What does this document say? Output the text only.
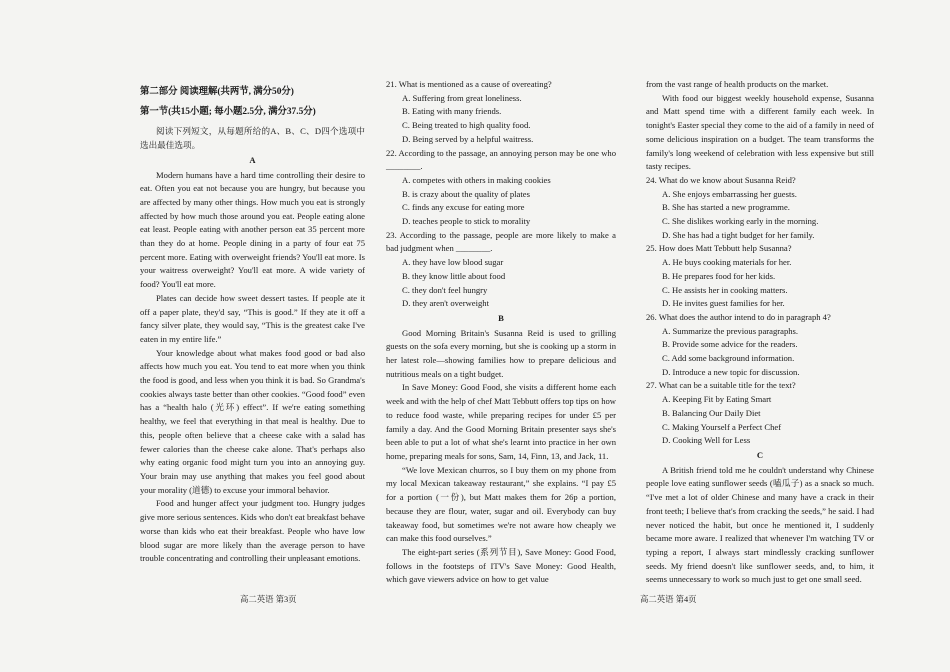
第二部分 阅读理解(共两节, 满分50分)

第一节(共15小题; 每小题2.5分, 满分37.5分)

阅读下列短文，从每题所给的A、B、C、D四个选项中选出最佳选项。

A

Modern humans have a hard time controlling their desire to eat. Often you eat not because you are hungry, but because you are affected by many other things. How much you eat is strongly affected by how much those around you eat. People eating alone eat least. People eating with another person eat 35 percent more than they do at home. People dining in a party of four eat 75 percent more. Eating with overweight friends? You'll eat more. Is your waitress overweight? You'll eat more. A wide variety of food? You'll eat more.

Plates can decide how sweet dessert tastes. If people ate it off a paper plate, they'd say, “This is good.” If they ate it off a fancy silver plate, they would say, “This is the greatest cake I've eaten in my entire life.”

Your knowledge about what makes food good or bad also affects how much you eat. You tend to eat more when you think the food is good, and less when you think it is bad. So Grandma's cookies always taste better than other cookies. “Good food” even has a “health halo (光环) effect”. If we're eating something healthy, we feel that everything in that meal is healthy. Due to this, people often believe that a cheese cake with a salad has fewer calories than the cheese cake alone. That's perhaps also why eating organic food might turn you into an annoying guy. Your brain may use anything that makes you feel good about your morality (道德) to excuse your immoral behavior.

Food and hunger affect your judgment too. Hungry judges give more serious sentences. Kids who don't eat breakfast behave worse than kids who eat their breakfast. People who have low blood sugar are more likely than the average person to have trouble concentrating and controlling their unpleasant emotions.

21. What is mentioned as a cause of overeating?

A. Suffering from great loneliness.

B. Eating with many friends.

C. Being treated to high quality food.

D. Being served by a helpful waitress.

22. According to the passage, an annoying person may be one who ________.

A. competes with others in making cookies

B. is crazy about the quality of plates

C. finds any excuse for eating more

D. teaches people to stick to morality

23. According to the passage, people are more likely to make a bad judgment when ________.

A. they have low blood sugar

B. they know little about food

C. they don't feel hungry

D. they aren't overweight

B

Good Morning Britain's Susanna Reid is used to grilling guests on the sofa every morning, but she is cooking up a storm in her latest role—showing families how to prepare delicious and nutritious meals on a tight budget.

In Save Money: Good Food, she visits a different home each week and with the help of chef Matt Tebbutt offers top tips on how to reduce food waste, while preparing recipes for under £5 per family a day. And the Good Morning Britain presenter says she's been able to put a lot of what she's learnt into practice in her own home, preparing meals for sons, Sam, 14, Finn, 13, and Jack, 11.

“We love Mexican churros, so I buy them on my phone from my local Mexican takeaway restaurant,” she explains. “I pay £5 for a portion (一份), but Matt makes them for 26p a portion, because they are flour, water, sugar and oil. Everybody can buy takeaway food, but sometimes we're not aware how cheaply we can make this food ourselves.”

The eight-part series (系列节目), Save Money: Good Food, follows in the footsteps of ITV's Save Money: Good Health, which gave viewers advice on how to get value

from the vast range of health products on the market.

With food our biggest weekly household expense, Susanna and Matt spend time with a different family each week. In tonight's Easter special they come to the aid of a family in need of some delicious inspiration on a budget. The team transforms the family's long weekend of celebration with less expensive but still tasty recipes.

24. What do we know about Susanna Reid?

A. She enjoys embarrassing her guests.

B. She has started a new programme.

C. She dislikes working early in the morning.

D. She has had a tight budget for her family.

25. How does Matt Tebbutt help Susanna?

A. He buys cooking materials for her.

B. He prepares food for her kids.

C. He assists her in cooking matters.

D. He invites guest families for her.

26. What does the author intend to do in paragraph 4?

A. Summarize the previous paragraphs.

B. Provide some advice for the readers.

C. Add some background information.

D. Introduce a new topic for discussion.

27. What can be a suitable title for the text?

A. Keeping Fit by Eating Smart

B. Balancing Our Daily Diet

C. Making Yourself a Perfect Chef

D. Cooking Well for Less

C

A British friend told me he couldn't understand why Chinese people love eating sunflower seeds (嗑瓜子) as a snack so much. “I've met a lot of older Chinese and many have a crack in their front teeth; I believe that's from cracking the seeds,” he said. I had never noticed the habit, but once he mentioned it, I suddenly became more aware. I realized that whenever I'm watching TV or typing a report, I always start mindlessly cracking sunflower seeds. My friend doesn't like sunflower seeds, and, to him, it seems unnecessary to work so much just to get one small seed.

高二英语 第3页	高二英语 第4页
